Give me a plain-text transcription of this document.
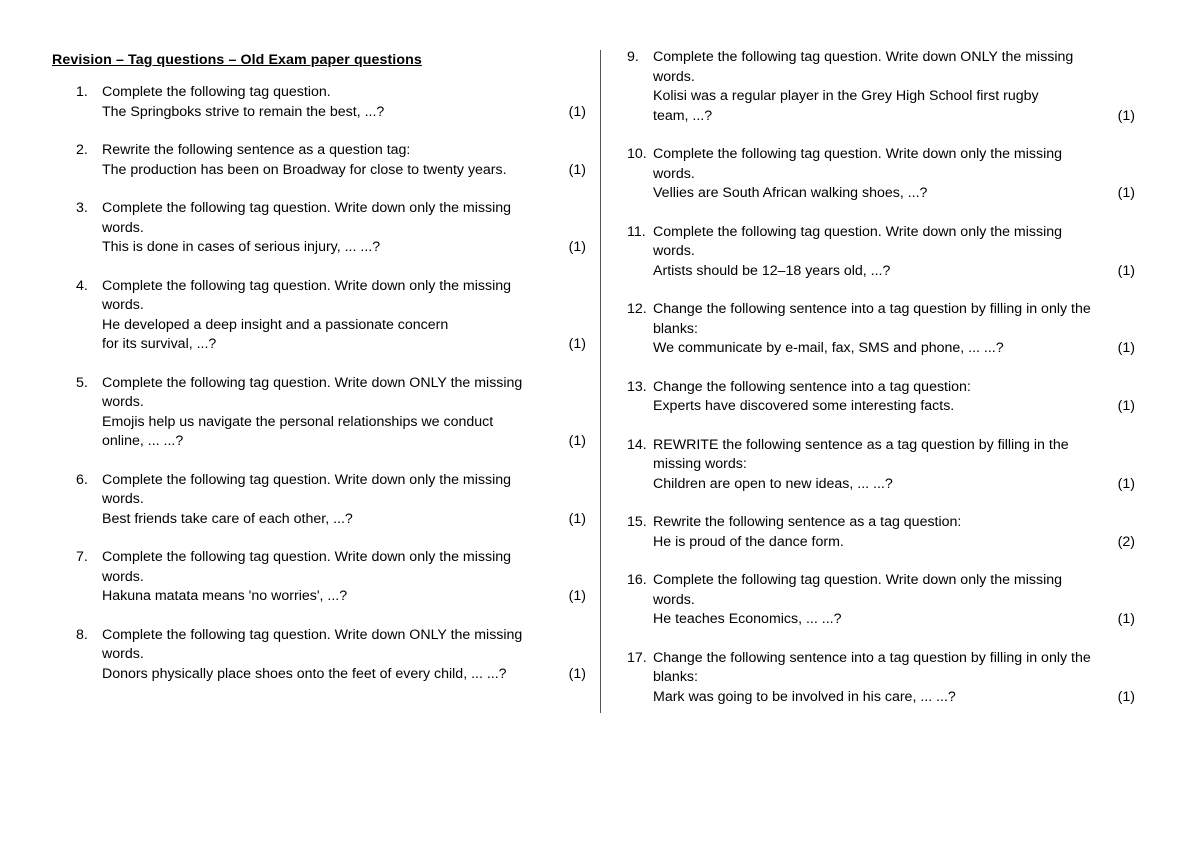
Revision – Tag questions – Old Exam paper questions
1. Complete the following tag question.
The Springboks strive to remain the best, ...?	(1)
2. Rewrite the following sentence as a question tag:
The production has been on Broadway for close to twenty years.	(1)
3. Complete the following tag question. Write down only the missing
words.
This is done in cases of serious injury, ... ...?	(1)
4. Complete the following tag question. Write down only the missing
words.
He developed a deep insight and a passionate concern
for its survival, ...?	(1)
5. Complete the following tag question. Write down ONLY the missing
words.
Emojis help us navigate the personal relationships we conduct
online, ... ...?	(1)
6. Complete the following tag question. Write down only the missing
words.
Best friends take care of each other, ...?	(1)
7. Complete the following tag question. Write down only the missing
words.
Hakuna matata means 'no worries', ...?	(1)
8. Complete the following tag question. Write down ONLY the missing
words.
Donors physically place shoes onto the feet of every child, ... ...?	(1)
9. Complete the following tag question. Write down ONLY the missing
words.
Kolisi was a regular player in the Grey High School first rugby
team, ...?	(1)
10. Complete the following tag question. Write down only the missing
words.
Vellies are South African walking shoes, ...?	(1)
11. Complete the following tag question. Write down only the missing
words.
Artists should be 12–18 years old, ...?	(1)
12. Change the following sentence into a tag question by filling in only the
blanks:
We communicate by e-mail, fax, SMS and phone, ... ...?	(1)
13. Change the following sentence into a tag question:
Experts have discovered some interesting facts.	(1)
14. REWRITE the following sentence as a tag question by filling in the
missing words:
Children are open to new ideas, ... ...?	(1)
15. Rewrite the following sentence as a tag question:
He is proud of the dance form.	(2)
16. Complete the following tag question. Write down only the missing
words.
He teaches Economics, ... ...?	(1)
17. Change the following sentence into a tag question by filling in only the
blanks:
Mark was going to be involved in his care, ... ...?	(1)
